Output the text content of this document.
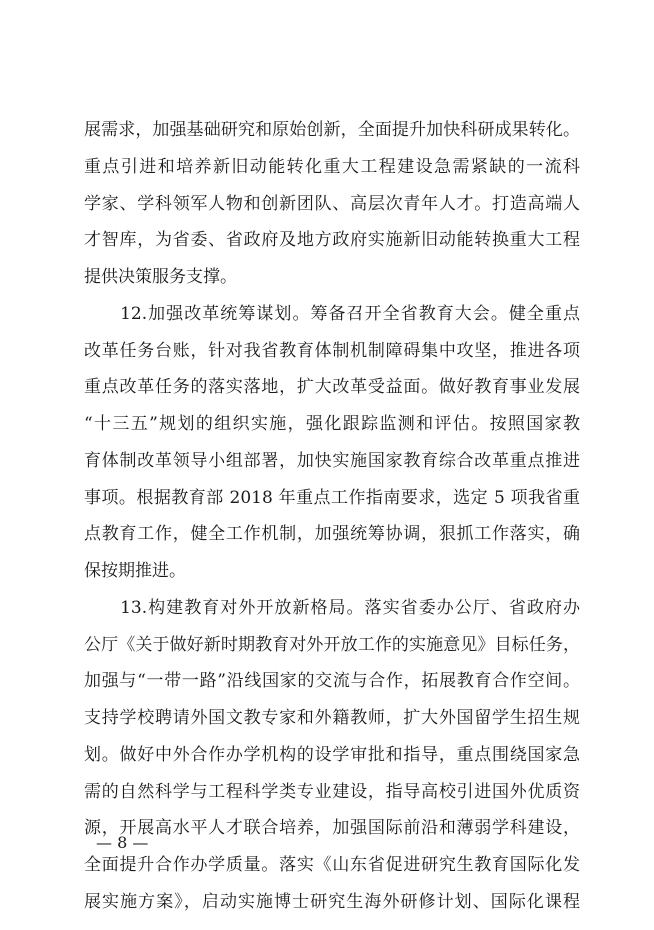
展需求，加强基础研究和原始创新，全面提升加快科研成果转化。
重点引进和培养新旧动能转化重大工程建设急需紧缺的一流科
学家、学科领军人物和创新团队、高层次青年人才。打造高端人
才智库，为省委、省政府及地方政府实施新旧动能转换重大工程
提供决策服务支撑。
　　12.加强改革统筹谋划。筹备召开全省教育大会。健全重点
改革任务台账，针对我省教育体制机制障碍集中攻坚，推进各项
重点改革任务的落实落地，扩大改革受益面。做好教育事业发展
“十三五”规划的组织实施，强化跟踪监测和评估。按照国家教
育体制改革领导小组部署，加快实施国家教育综合改革重点推进
事项。根据教育部 2018 年重点工作指南要求，选定 5 项我省重
点教育工作，健全工作机制，加强统筹协调，狠抓工作落实，确
保按期推进。
　　13.构建教育对外开放新格局。落实省委办公厅、省政府办
公厅《关于做好新时期教育对外开放工作的实施意见》目标任务，
加强与“一带一路”沿线国家的交流与合作，拓展教育合作空间。
支持学校聘请外国文教专家和外籍教师，扩大外国留学生招生规
划。做好中外合作办学机构的设学审批和指导，重点围绕国家急
需的自然科学与工程科学类专业建设，指导高校引进国外优质资
源，开展高水平人才联合培养，加强国际前沿和薄弱学科建设，
全面提升合作办学质量。落实《山东省促进研究生教育国际化发
展实施方案》，启动实施博士研究生海外研修计划、国际化课程
— 8 —
